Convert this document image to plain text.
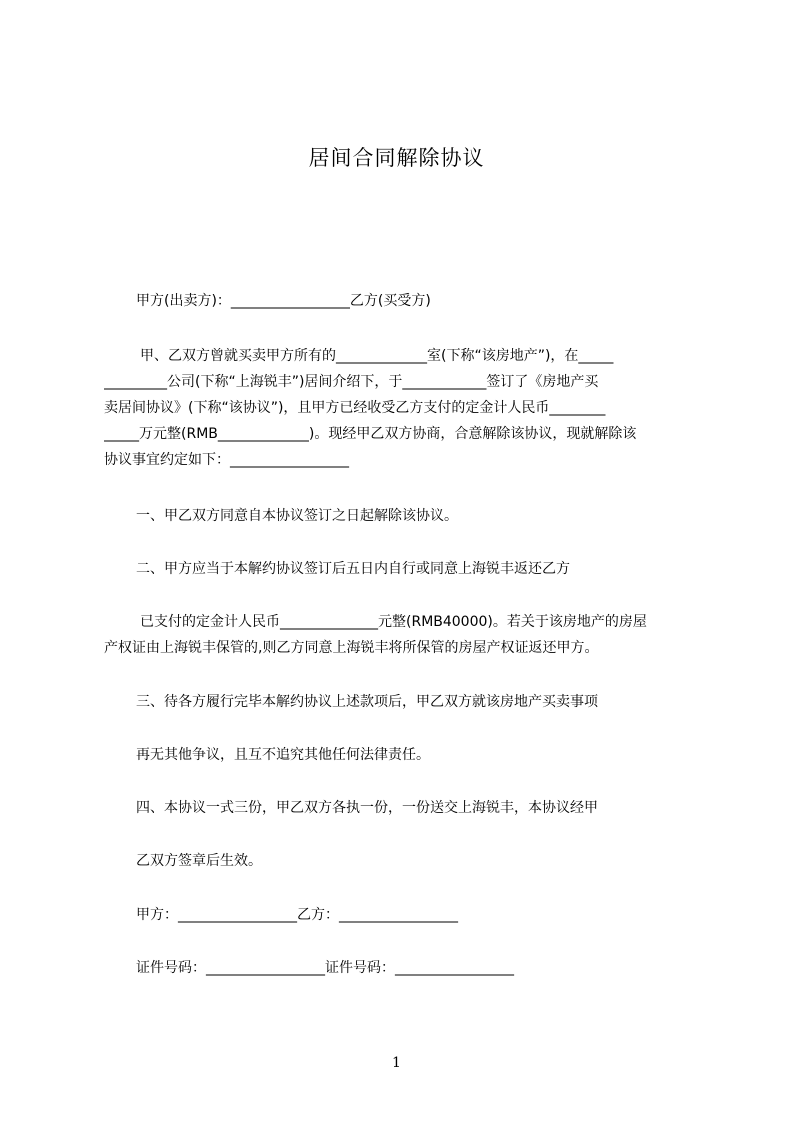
居间合同解除协议
甲方(出卖方)：_________________乙方(买受方)
甲、乙双方曾就买卖甲方所有的_____________室(下称“该房地产”)，在_____
_________公司(下称“上海锐丰”)居间介绍下，于____________签订了《房地产买
卖居间协议》(下称“该协议”)，且甲方已经收受乙方支付的定金计人民币________
_____万元整(RMB_____________)。现经甲乙双方协商，合意解除该协议，现就解除该
协议事宜约定如下：_________________
一、甲乙双方同意自本协议签订之日起解除该协议。
二、甲方应当于本解约协议签订后五日内自行或同意上海锐丰返还乙方
已支付的定金计人民币______________元整(RMB40000)。若关于该房地产的房屋
产权证由上海锐丰保管的,则乙方同意上海锐丰将所保管的房屋产权证返还甲方。
三、待各方履行完毕本解约协议上述款项后，甲乙双方就该房地产买卖事项
再无其他争议，且互不追究其他任何法律责任。
四、本协议一式三份，甲乙双方各执一份，一份送交上海锐丰，本协议经甲
乙双方签章后生效。
甲方：_________________乙方：_________________
证件号码：_________________证件号码：_________________
1
